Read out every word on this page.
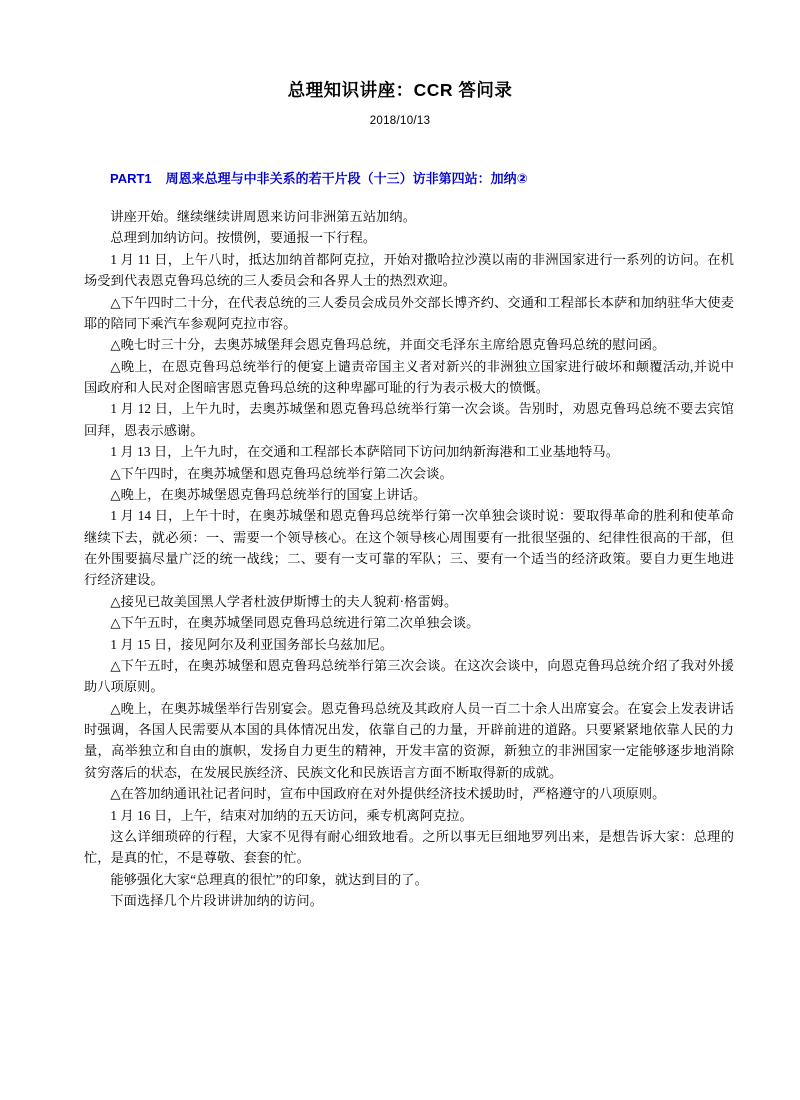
总理知识讲座：CCR 答问录
2018/10/13
PART1 周恩来总理与中非关系的若干片段（十三）访非第四站：加纳②

讲座开始。继续继续讲周恩来访问非洲第五站加纳。

总理到加纳访问。按惯例，要通报一下行程。

1 月 11 日，上午八时，抵达加纳首都阿克拉，开始对撒哈拉沙漠以南的非洲国家进行一系列的访问。在机场受到代表恩克鲁玛总统的三人委员会和各界人士的热烈欢迎。

△下午四时二十分，在代表总统的三人委员会成员外交部长博齐约、交通和工程部长本萨和加纳驻华大使麦耶的陪同下乘汽车参观阿克拉市容。

△晚七时三十分，去奥苏城堡拜会恩克鲁玛总统，并面交毛泽东主席给恩克鲁玛总统的慰问函。

△晚上，在恩克鲁玛总统举行的便宴上谴责帝国主义者对新兴的非洲独立国家进行破坏和颠覆活动,并说中国政府和人民对企图暗害恩克鲁玛总统的这种卑鄙可耻的行为表示极大的愤慨。

1 月 12 日，上午九时，去奥苏城堡和恩克鲁玛总统举行第一次会谈。告别时，劝恩克鲁玛总统不要去宾馆回拜，恩表示感谢。

1 月 13 日，上午九时，在交通和工程部长本萨陪同下访问加纳新海港和工业基地特马。

△下午四时，在奥苏城堡和恩克鲁玛总统举行第二次会谈。

△晚上，在奥苏城堡恩克鲁玛总统举行的国宴上讲话。

1 月 14 日，上午十时，在奥苏城堡和恩克鲁玛总统举行第一次单独会谈时说：要取得革命的胜利和使革命继续下去，就必须：一、需要一个领导核心。在这个领导核心周围要有一批很坚强的、纪律性很高的干部，但在外围要搞尽量广泛的统一战线；二、要有一支可靠的军队；三、要有一个适当的经济政策。要自力更生地进行经济建设。

△接见已故美国黑人学者杜波伊斯博士的夫人貌莉·格雷姆。

△下午五时，在奥苏城堡同恩克鲁玛总统进行第二次单独会谈。

1 月 15 日，接见阿尔及利亚国务部长乌兹加尼。

△下午五时，在奥苏城堡和恩克鲁玛总统举行第三次会谈。在这次会谈中，向恩克鲁玛总统介绍了我对外援助八项原则。

△晚上，在奥苏城堡举行告别宴会。恩克鲁玛总统及其政府人员一百二十余人出席宴会。在宴会上发表讲话时强调，各国人民需要从本国的具体情况出发，依靠自己的力量，开辟前进的道路。只要紧紧地依靠人民的力量，高举独立和自由的旗帜，发扬自力更生的精神，开发丰富的资源，新独立的非洲国家一定能够逐步地消除贫穷落后的状态，在发展民族经济、民族文化和民族语言方面不断取得新的成就。

△在答加纳通讯社记者问时，宣布中国政府在对外提供经济技术援助时，严格遵守的八项原则。

1 月 16 日，上午，结束对加纳的五天访问，乘专机离阿克拉。

这么详细琐碎的行程，大家不见得有耐心细致地看。之所以事无巨细地罗列出来，是想告诉大家：总理的忙，是真的忙，不是尊敬、套套的忙。

能够强化大家“总理真的很忙”的印象，就达到目的了。

下面选择几个片段讲讲加纳的访问。
